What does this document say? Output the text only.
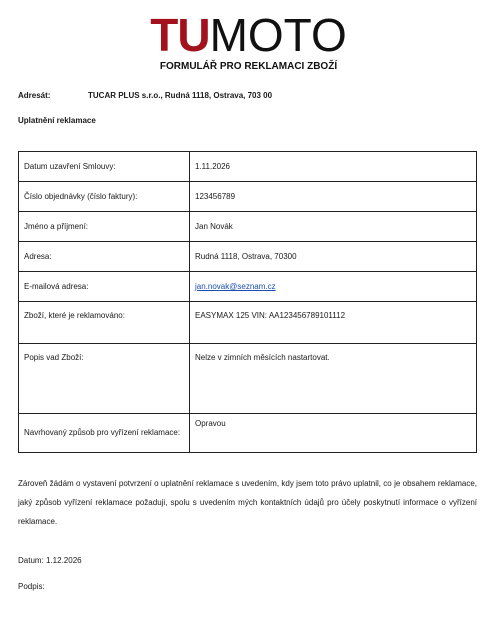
TUMOTO
FORMULÁŘ PRO REKLAMACI ZBOŽÍ
Adresát:	TUCAR PLUS s.r.o., Rudná 1118, Ostrava, 703 00
Uplatnění reklamace
Datum uzavření Smlouvy:	1.11.2026
Číslo objednávky (číslo faktury):	123456789
Jméno a příjmení:	Jan Novák
Adresa:	Rudná 1118, Ostrava, 70300
E-mailová adresa:	jan.novak@seznam.cz
Zboží, které je reklamováno:	EASYMAX 125 VIN: AA123456789101112
Popis vad Zboží:	Nelze v zimních měsících nastartovat.
Navrhovaný způsob pro vyřízení reklamace:	Opravou
Zároveň žádám o vystavení potvrzení o uplatnění reklamace s uvedením, kdy jsem toto právo uplatnil, co je obsahem reklamace, jaký způsob vyřízení reklamace požaduji, spolu s uvedením mých kontaktních údajů pro účely poskytnutí informace o vyřízení reklamace.
Datum: 1.12.2026
Podpis:
